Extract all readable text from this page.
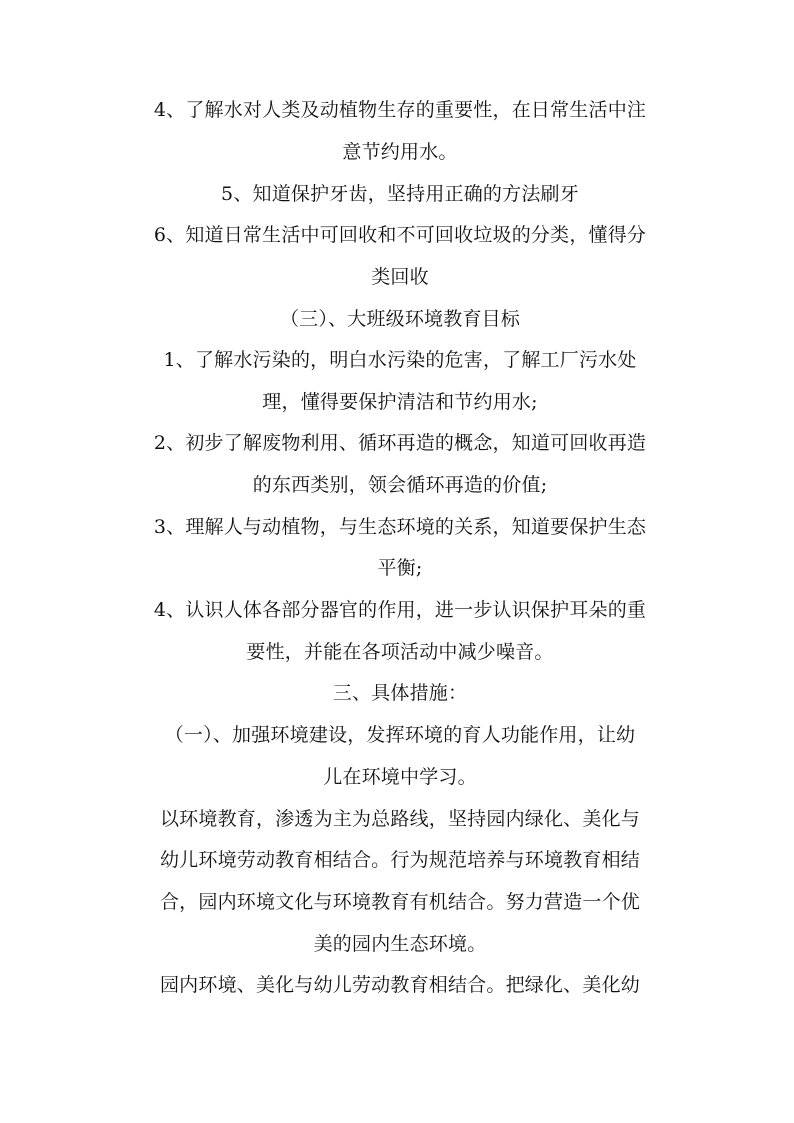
4、了解水对人类及动植物生存的重要性，在日常生活中注
意节约用水。
5、知道保护牙齿，坚持用正确的方法刷牙
6、知道日常生活中可回收和不可回收垃圾的分类，懂得分
类回收
（三）、大班级环境教育目标
1、了解水污染的，明白水污染的危害，了解工厂污水处
理，懂得要保护清洁和节约用水;
2、初步了解废物利用、循环再造的概念，知道可回收再造
的东西类别，领会循环再造的价值;
3、理解人与动植物，与生态环境的关系，知道要保护生态
平衡;
4、认识人体各部分器官的作用，进一步认识保护耳朵的重
要性，并能在各项活动中减少噪音。
三、具体措施：
（一）、加强环境建设，发挥环境的育人功能作用，让幼
儿在环境中学习。
以环境教育，渗透为主为总路线，坚持园内绿化、美化与
幼儿环境劳动教育相结合。行为规范培养与环境教育相结
合，园内环境文化与环境教育有机结合。努力营造一个优
美的园内生态环境。
园内环境、美化与幼儿劳动教育相结合。把绿化、美化幼
